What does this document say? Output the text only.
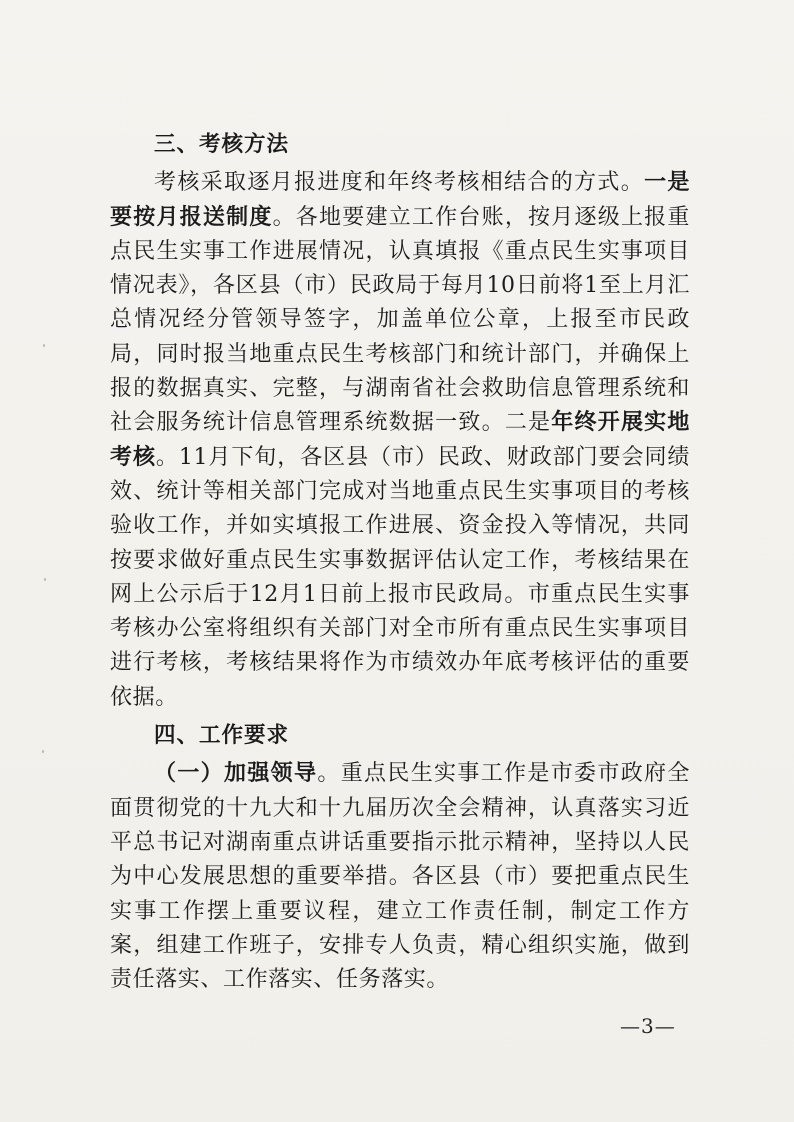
三、考核方法

考核采取逐月报进度和年终考核相结合的方式。一是要按月报送制度。各地要建立工作台账，按月逐级上报重点民生实事工作进展情况，认真填报《重点民生实事项目情况表》，各区县（市）民政局于每月10日前将1至上月汇总情况经分管领导签字，加盖单位公章，上报至市民政局，同时报当地重点民生考核部门和统计部门，并确保上报的数据真实、完整，与湖南省社会救助信息管理系统和社会服务统计信息管理系统数据一致。二是年终开展实地考核。11月下旬，各区县（市）民政、财政部门要会同绩效、统计等相关部门完成对当地重点民生实事项目的考核验收工作，并如实填报工作进展、资金投入等情况，共同按要求做好重点民生实事数据评估认定工作，考核结果在网上公示后于12月1日前上报市民政局。市重点民生实事考核办公室将组织有关部门对全市所有重点民生实事项目进行考核，考核结果将作为市绩效办年底考核评估的重要依据。

四、工作要求

（一）加强领导。重点民生实事工作是市委市政府全面贯彻党的十九大和十九届历次全会精神，认真落实习近平总书记对湖南重点讲话重要指示批示精神，坚持以人民为中心发展思想的重要举措。各区县（市）要把重点民生实事工作摆上重要议程，建立工作责任制，制定工作方案，组建工作班子，安排专人负责，精心组织实施，做到责任落实、工作落实、任务落实。

—3—
